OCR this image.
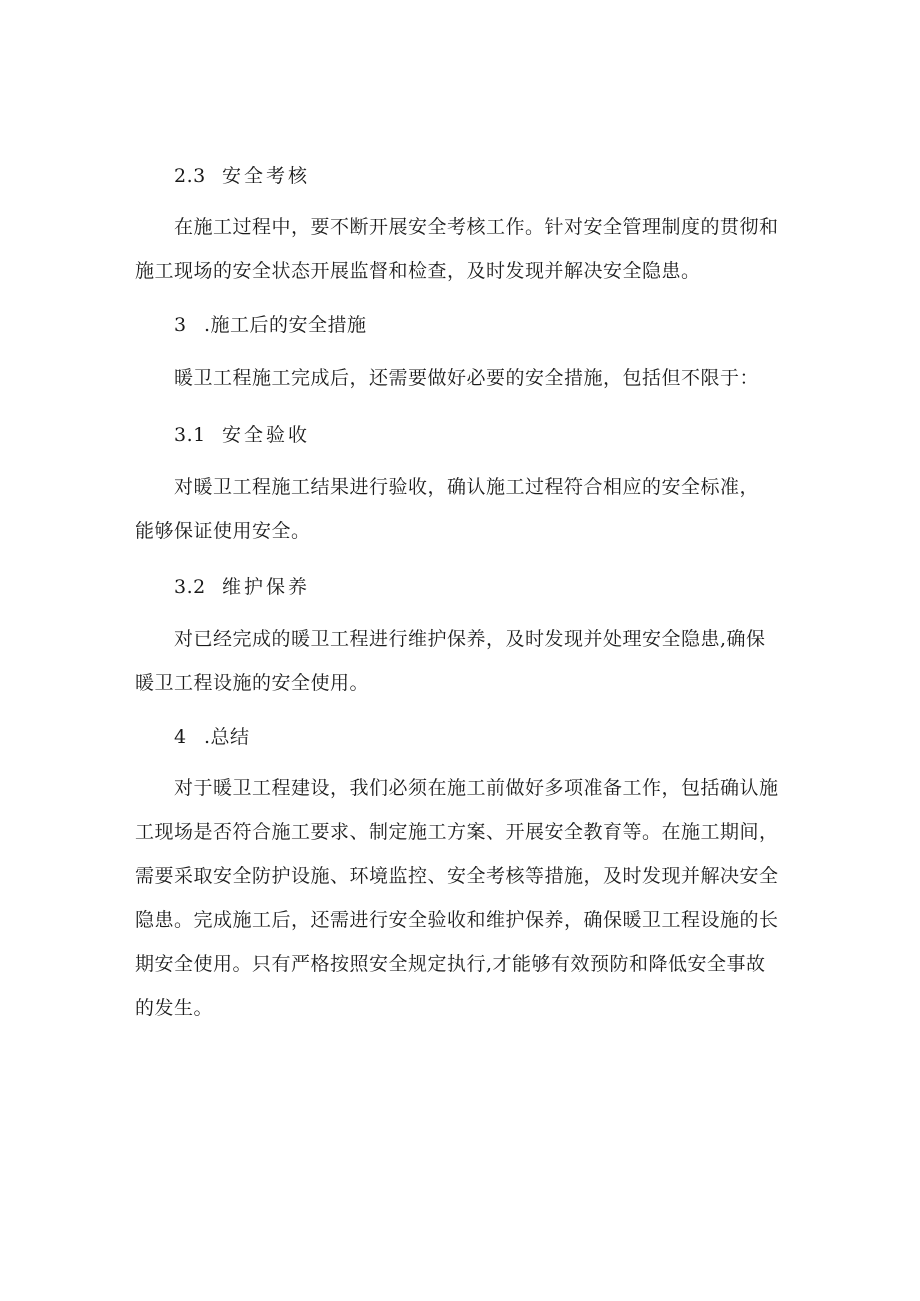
2.3 安全考核
在施工过程中，要不断开展安全考核工作。针对安全管理制度的贯彻和
施工现场的安全状态开展监督和检查，及时发现并解决安全隐患。
3 .施工后的安全措施
暖卫工程施工完成后，还需要做好必要的安全措施，包括但不限于：
3.1 安全验收
对暖卫工程施工结果进行验收，确认施工过程符合相应的安全标准，
能够保证使用安全。
3.2 维护保养
对已经完成的暖卫工程进行维护保养，及时发现并处理安全隐患,确保
暖卫工程设施的安全使用。
4 .总结
对于暖卫工程建设，我们必须在施工前做好多项准备工作，包括确认施
工现场是否符合施工要求、制定施工方案、开展安全教育等。在施工期间，
需要采取安全防护设施、环境监控、安全考核等措施，及时发现并解决安全
隐患。完成施工后，还需进行安全验收和维护保养，确保暖卫工程设施的长
期安全使用。只有严格按照安全规定执行,才能够有效预防和降低安全事故
的发生。
